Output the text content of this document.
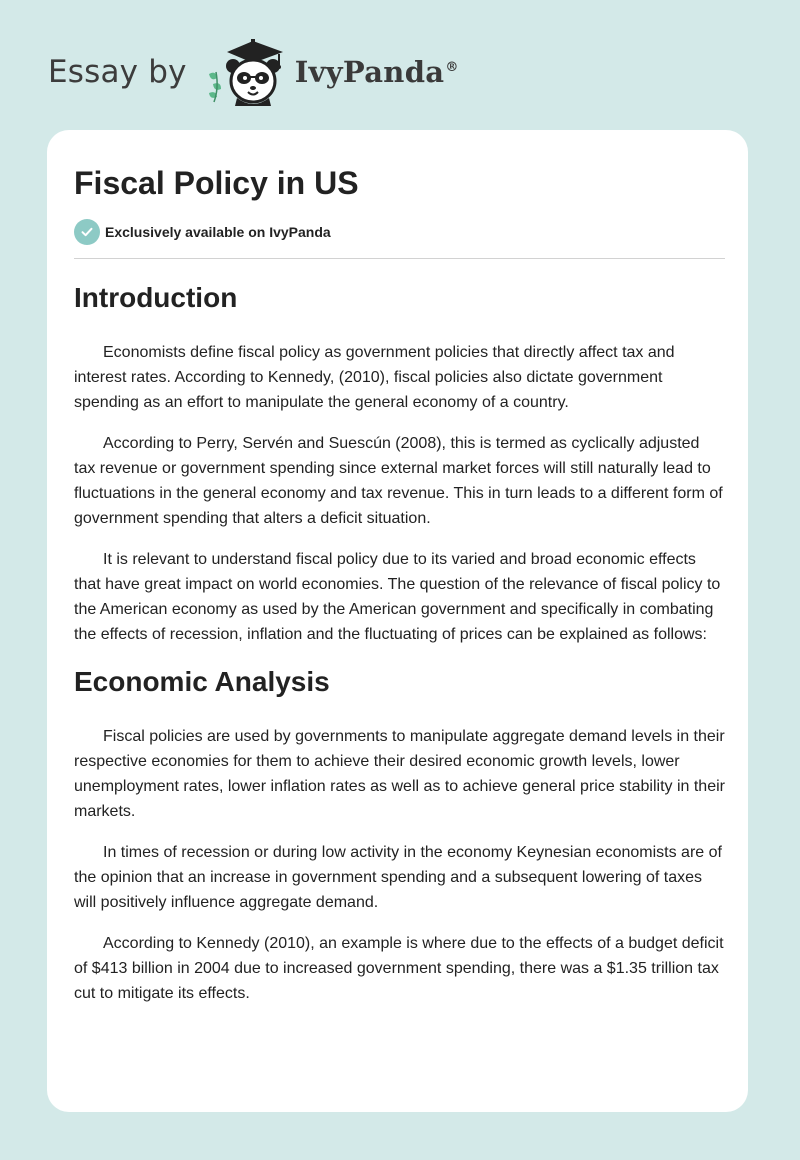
Essay by	IvyPanda®
Fiscal Policy in US
Exclusively available on IvyPanda
Introduction

Economists define fiscal policy as government policies that directly affect tax and interest rates. According to Kennedy, (2010), fiscal policies also dictate government spending as an effort to manipulate the general economy of a country.

According to Perry, Servén and Suescún (2008), this is termed as cyclically adjusted tax revenue or government spending since external market forces will still naturally lead to fluctuations in the general economy and tax revenue. This in turn leads to a different form of government spending that alters a deficit situation.

It is relevant to understand fiscal policy due to its varied and broad economic effects that have great impact on world economies. The question of the relevance of fiscal policy to the American economy as used by the American government and specifically in combating the effects of recession, inflation and the fluctuating of prices can be explained as follows:

Economic Analysis

Fiscal policies are used by governments to manipulate aggregate demand levels in their respective economies for them to achieve their desired economic growth levels, lower unemployment rates, lower inflation rates as well as to achieve general price stability in their markets.

In times of recession or during low activity in the economy Keynesian economists are of the opinion that an increase in government spending and a subsequent lowering of taxes will positively influence aggregate demand.

According to Kennedy (2010), an example is where due to the effects of a budget deficit of $413 billion in 2004 due to increased government spending, there was a $1.35 trillion tax cut to mitigate its effects.
